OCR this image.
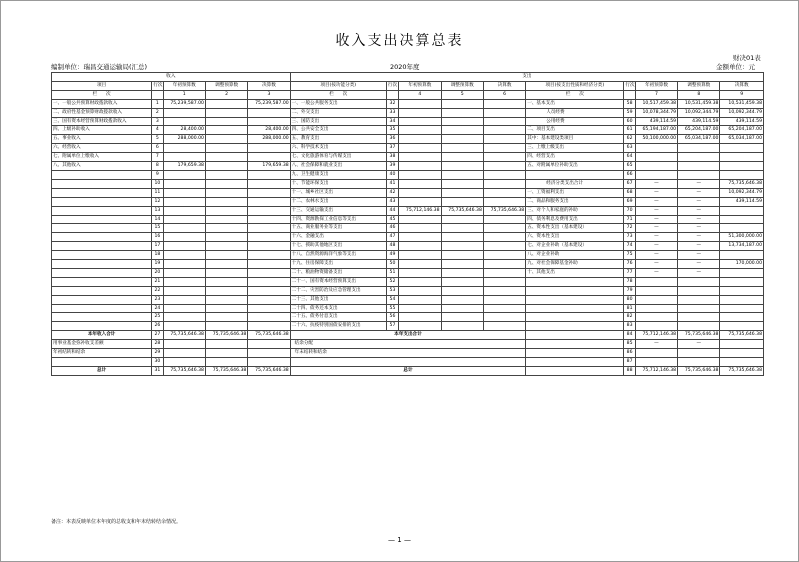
收入支出决算总表
财决01表
编制单位：瑞昌交通运输局(汇总)	2020年度	金额单位：元
收入					支出									
项目	行次	年初预算数	调整预算数	决算数	项目(按功能分类)	行次	年初预算数	调整预算数	决算数	项目(按支出性质和经济分类)	行次	年初预算数	调整预算数	决算数
栏 次		1	2	3	栏 次		4	5	6	栏 次		7	8	9
一、一般公共预算财政拨款收入	1	75,239,587.00		75,239,587.00	一、一般公共服务支出	32				一、基本支出	58	10,517,459.38	10,531,459.38	10,531,459.38
二、政府性基金预算财政拨款收入	2				二、外交支出	33				人员经费	59	10,078,344.79	10,092,344.79	10,092,344.79
三、国有资本经营预算财政拨款收入	3				三、国防支出	34				公用经费	60	439,114.59	439,114.59	439,114.59
四、上级补助收入	4	28,400.00		28,400.00	四、公共安全支出	35				二、项目支出	61	65,194,187.00	65,204,187.00	65,204,187.00
五、事业收入	5	288,000.00		288,000.00	五、教育支出	36				其中：基本建设类项目	62	50,100,000.00	65,034,187.00	65,034,187.00
六、经营收入	6				六、科学技术支出	37				三、上缴上级支出	63			
七、附属单位上缴收入	7				七、文化旅游体育与传媒支出	38				四、经营支出	64			
八、其他收入	8	179,659.38		179,659.38	八、社会保障和就业支出	39				五、对附属单位补助支出	65			
	9				九、卫生健康支出	40					66			
	10				十、节能环保支出	41				经济分类支出合计	67	—	—	75,735,646.38
	11				十一、城乡社区支出	42				一、工资福利支出	68	—	—	10,092,344.79
	12				十二、农林水支出	43				二、商品和服务支出	69	—	—	439,114.59
	13				十三、交通运输支出	44	75,712,146.38	75,735,646.38	75,735,646.38	三、对个人和家庭的补助	70	—	—	
	14				十四、资源勘探工业信息等支出	45				四、债务利息及费用支出	71	—	—	
	15				十五、商业服务业等支出	46				五、资本性支出（基本建设）	72	—	—	
	16				十六、金融支出	47				六、资本性支出	73	—	—	51,300,000.00
	17				十七、援助其他地区支出	48				七、对企业补助（基本建设）	74	—	—	13,734,187.00
	18				十八、自然资源海洋气象等支出	49				八、对企业补助	75	—	—	
	19				十九、住房保障支出	50				九、对社会保障基金补助	76	—	—	170,000.00
	20				二十、粮油物资储备支出	51				十、其他支出	77	—	—	
	21				二十一、国有资本经营预算支出	52					78			
	22				二十二、灾害防治及应急管理支出	53					79			
	23				二十三、其他支出	54					80			
	24				二十四、债务还本支出	55					81			
	25				二十五、债务付息支出	56					82			
	26				二十六、抗疫特别国债安排的支出	57					83			
本年收入合计	27	75,735,646.38	75,735,646.38	75,735,646.38	本年支出合计						84	75,712,146.38	75,735,646.38	75,735,646.38
用事业基金弥补收支差额	28				结余分配						85	—	—	
年初结转和结余	29				年末结转和结余						86			
	30										87			
总计	31	75,735,646.38	75,735,646.38	75,735,646.38	总计						88	75,712,146.38	75,735,646.38	75,735,646.38
备注：本表反映单位本年度的总收支和年末结转结余情况。
— 1 —
